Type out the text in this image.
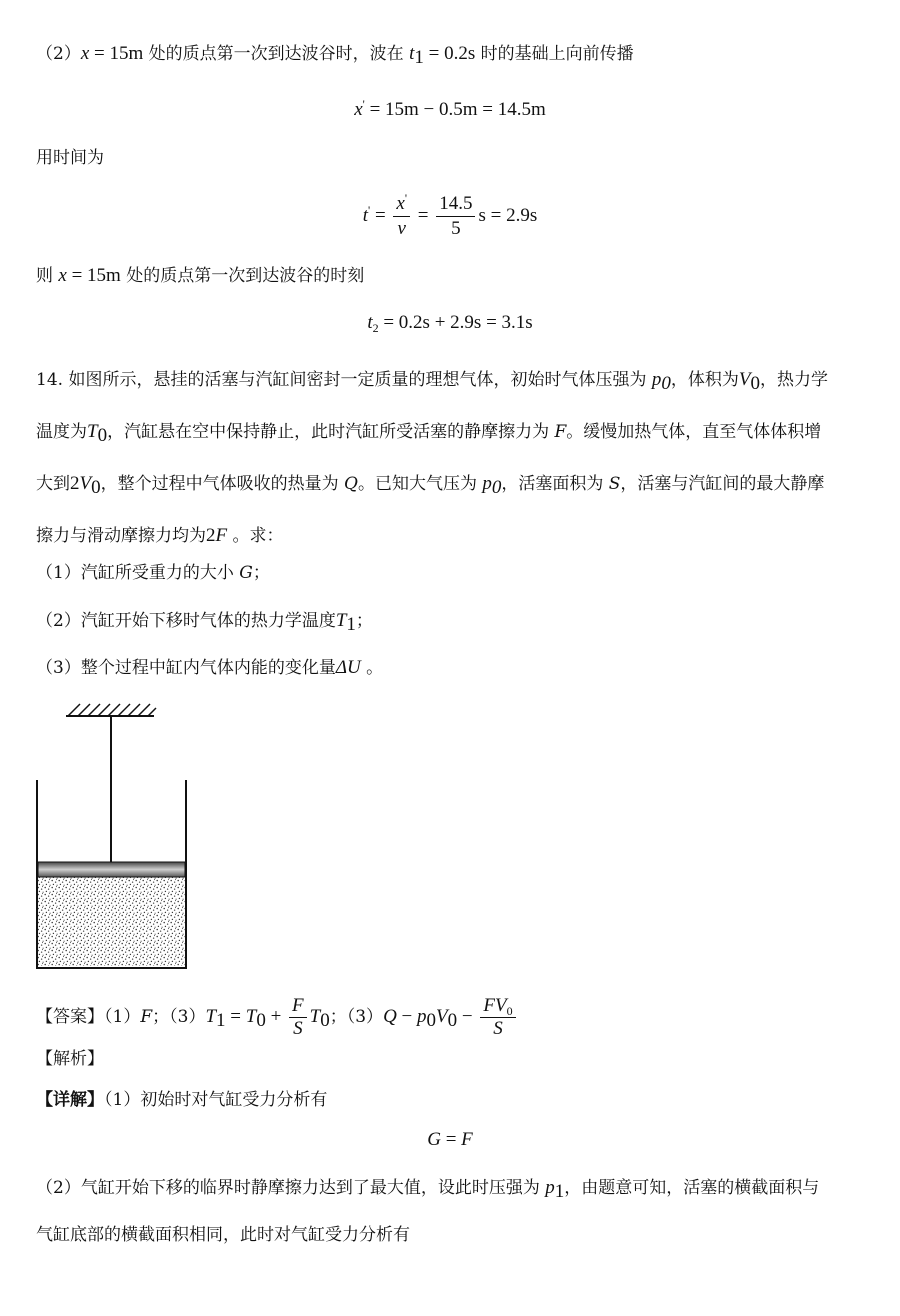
（2）x = 15m 处的质点第一次到达波谷时，波在 $t_1 = 0.2s$ 时的基础上向前传播
x' = 15m − 0.5m = 14.5m
用时间为
$t' = \frac{x'}{v} = \frac{14.5}{5}$ s = 2.9s
则 x = 15m 处的质点第一次到达波谷的时刻
$t_2 = 0.2s + 2.9s = 3.1s$
14. 如图所示，悬挂的活塞与汽缸间密封一定质量的理想气体，初始时气体压强为 $p_0$，体积为$V_0$，热力学
温度为$T_0$，汽缸悬在空中保持静止，此时汽缸所受活塞的静摩擦力为 F。缓慢加热气体，直至气体体积增
大到$2V_0$，整个过程中气体吸收的热量为 Q。已知大气压为 $p_0$，活塞面积为 S，活塞与汽缸间的最大静摩
擦力与滑动摩擦力均为2F 。求：
（1）汽缸所受重力的大小 G；
（2）汽缸开始下移时气体的热力学温度$T_1$；
（3）整个过程中缸内气体内能的变化量ΔU 。
【答案】（1）F；$(3)T_1 = T_0 + \frac{F}{S} T_0$；$(3)Q - p_0V_0 - \frac{FV_0}{S}$
【解析】
【详解】（1）初始时对气缸受力分析有
G = F
（2）气缸开始下移的临界时静摩擦力达到了最大值，设此时压强为 $p_1$，由题意可知，活塞的横截面积与
气缸底部的横截面积相同，此时对气缸受力分析有
